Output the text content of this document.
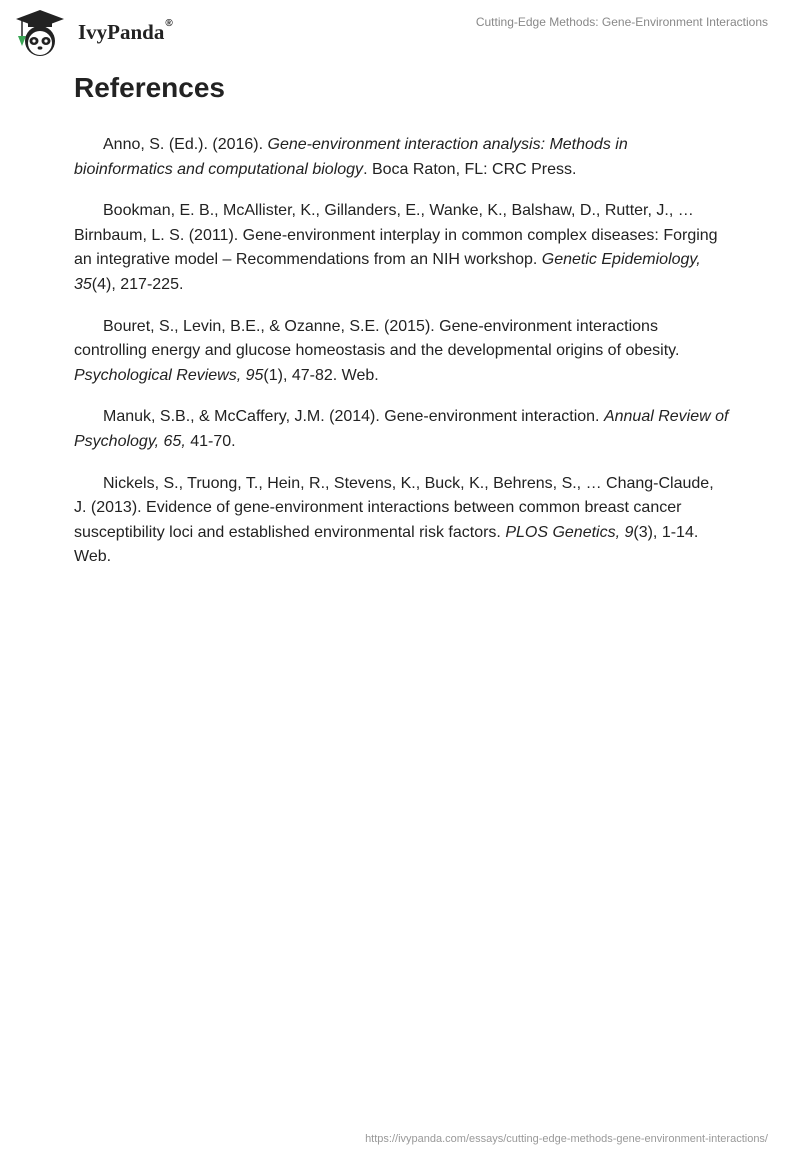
IvyPanda®	Cutting-Edge Methods: Gene-Environment Interactions
References

Anno, S. (Ed.). (2016). Gene-environment interaction analysis: Methods in bioinformatics and computational biology. Boca Raton, FL: CRC Press.

Bookman, E. B., McAllister, K., Gillanders, E., Wanke, K., Balshaw, D., Rutter, J., … Birnbaum, L. S. (2011). Gene-environment interplay in common complex diseases: Forging an integrative model – Recommendations from an NIH workshop. Genetic Epidemiology, 35(4), 217-225.

Bouret, S., Levin, B.E., & Ozanne, S.E. (2015). Gene-environment interactions controlling energy and glucose homeostasis and the developmental origins of obesity. Psychological Reviews, 95(1), 47-82. Web.

Manuk, S.B., & McCaffery, J.M. (2014). Gene-environment interaction. Annual Review of Psychology, 65, 41-70.

Nickels, S., Truong, T., Hein, R., Stevens, K., Buck, K., Behrens, S., … Chang-Claude, J. (2013). Evidence of gene-environment interactions between common breast cancer susceptibility loci and established environmental risk factors. PLOS Genetics, 9(3), 1-14. Web.

https://ivypanda.com/essays/cutting-edge-methods-gene-environment-interactions/
